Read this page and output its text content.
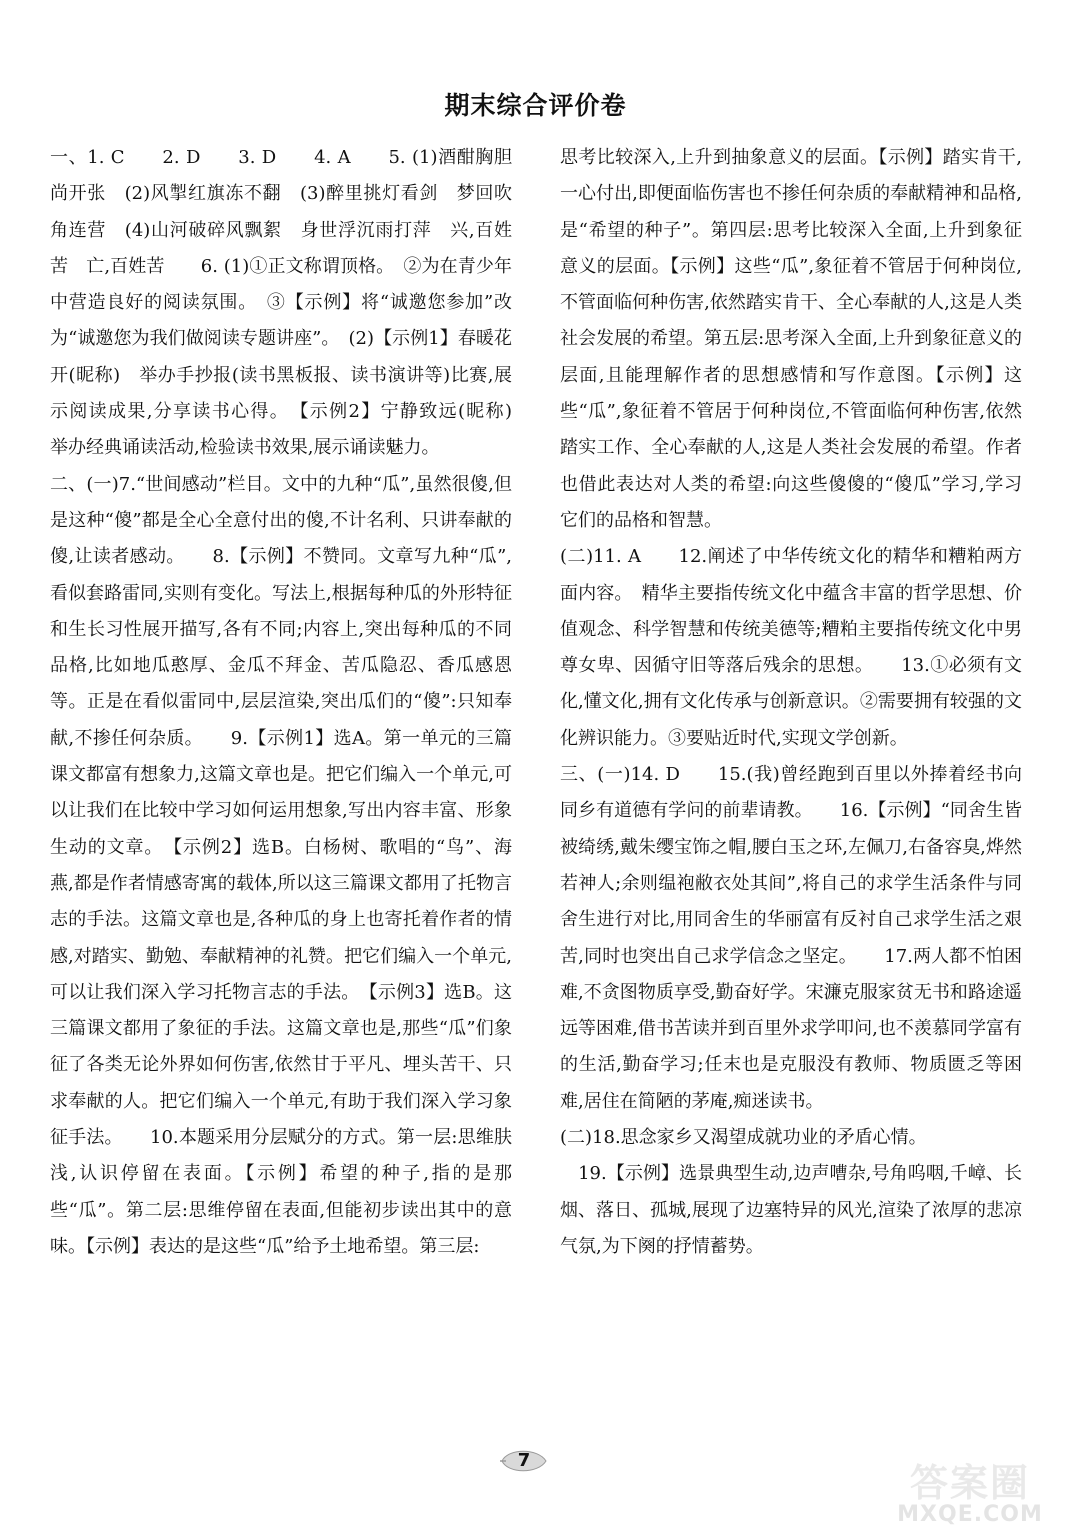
期末综合评价卷

一、1. C　　2. D　　3. D　　4. A　　5. (1)酒酣胸胆尚开张　(2)风掣红旗冻不翻　(3)醉里挑灯看剑　梦回吹角连营　(4)山河破碎风飘絮　身世浮沉雨打萍　兴,百姓苦　亡,百姓苦　　6. (1)①正文称谓顶格。　②为在青少年中营造良好的阅读氛围。　③【示例】将“诚邀您参加”改为“诚邀您为我们做阅读专题讲座”。　(2)【示例1】春暖花开(昵称)　举办手抄报(读书黑板报、读书演讲等)比赛,展示阅读成果,分享读书心得。　【示例2】宁静致远(昵称)　举办经典诵读活动,检验读书效果,展示诵读魅力。

二、(一)7.“世间感动”栏目。文中的九种“瓜”,虽然很傻,但是这种“傻”都是全心全意付出的傻,不计名利、只讲奉献的傻,让读者感动。　　8.【示例】不赞同。文章写九种“瓜”,看似套路雷同,实则有变化。写法上,根据每种瓜的外形特征和生长习性展开描写,各有不同;内容上,突出每种瓜的不同品格,比如地瓜憨厚、金瓜不拜金、苦瓜隐忍、香瓜感恩等。正是在看似雷同中,层层渲染,突出瓜们的“傻”:只知奉献,不掺任何杂质。　　9.【示例1】选A。第一单元的三篇课文都富有想象力,这篇文章也是。把它们编入一个单元,可以让我们在比较中学习如何运用想象,写出内容丰富、形象生动的文章。　【示例2】选B。白杨树、歌唱的“鸟”、海燕,都是作者情感寄寓的载体,所以这三篇课文都用了托物言志的手法。这篇文章也是,各种瓜的身上也寄托着作者的情感,对踏实、勤勉、奉献精神的礼赞。把它们编入一个单元,可以让我们深入学习托物言志的手法。　【示例3】选B。这三篇课文都用了象征的手法。这篇文章也是,那些“瓜”们象征了各类无论外界如何伤害,依然甘于平凡、埋头苦干、只求奉献的人。把它们编入一个单元,有助于我们深入学习象征手法。　　10.本题采用分层赋分的方式。第一层:思维肤浅,认识停留在表面。【示例】希望的种子,指的是那些“瓜”。第二层:思维停留在表面,但能初步读出其中的意味。【示例】表达的是这些“瓜”给予土地希望。第三层:

思考比较深入,上升到抽象意义的层面。【示例】踏实肯干,一心付出,即便面临伤害也不掺任何杂质的奉献精神和品格,是“希望的种子”。第四层:思考比较深入全面,上升到象征意义的层面。【示例】这些“瓜”,象征着不管居于何种岗位,不管面临何种伤害,依然踏实肯干、全心奉献的人,这是人类社会发展的希望。第五层:思考深入全面,上升到象征意义的层面,且能理解作者的思想感情和写作意图。【示例】这些“瓜”,象征着不管居于何种岗位,不管面临何种伤害,依然踏实工作、全心奉献的人,这是人类社会发展的希望。作者也借此表达对人类的希望:向这些傻傻的“傻瓜”学习,学习它们的品格和智慧。

(二)11. A　　12.阐述了中华传统文化的精华和糟粕两方面内容。　精华主要指传统文化中蕴含丰富的哲学思想、价值观念、科学智慧和传统美德等;糟粕主要指传统文化中男尊女卑、因循守旧等落后残余的思想。　　13.①必须有文化,懂文化,拥有文化传承与创新意识。②需要拥有较强的文化辨识能力。③要贴近时代,实现文学创新。

三、(一)14. D　　15.(我)曾经跑到百里以外捧着经书向同乡有道德有学问的前辈请教。　　16.【示例】“同舍生皆被绮绣,戴朱缨宝饰之帽,腰白玉之环,左佩刀,右备容臭,烨然若神人;余则缊袍敝衣处其间”,将自己的求学生活条件与同舍生进行对比,用同舍生的华丽富有反衬自己求学生活之艰苦,同时也突出自己求学信念之坚定。　　17.两人都不怕困难,不贪图物质享受,勤奋好学。宋濂克服家贫无书和路途遥远等困难,借书苦读并到百里外求学叩问,也不羡慕同学富有的生活,勤奋学习;任末也是克服没有教师、物质匮乏等困难,居住在简陋的茅庵,痴迷读书。

(二)18.思念家乡又渴望成就功业的矛盾心情。

　19.【示例】选景典型生动,边声嘈杂,号角呜咽,千嶂、长烟、落日、孤城,展现了边塞特异的风光,渲染了浓厚的悲凉气氛,为下阕的抒情蓄势。

7
答案圈
MXQE.COM
